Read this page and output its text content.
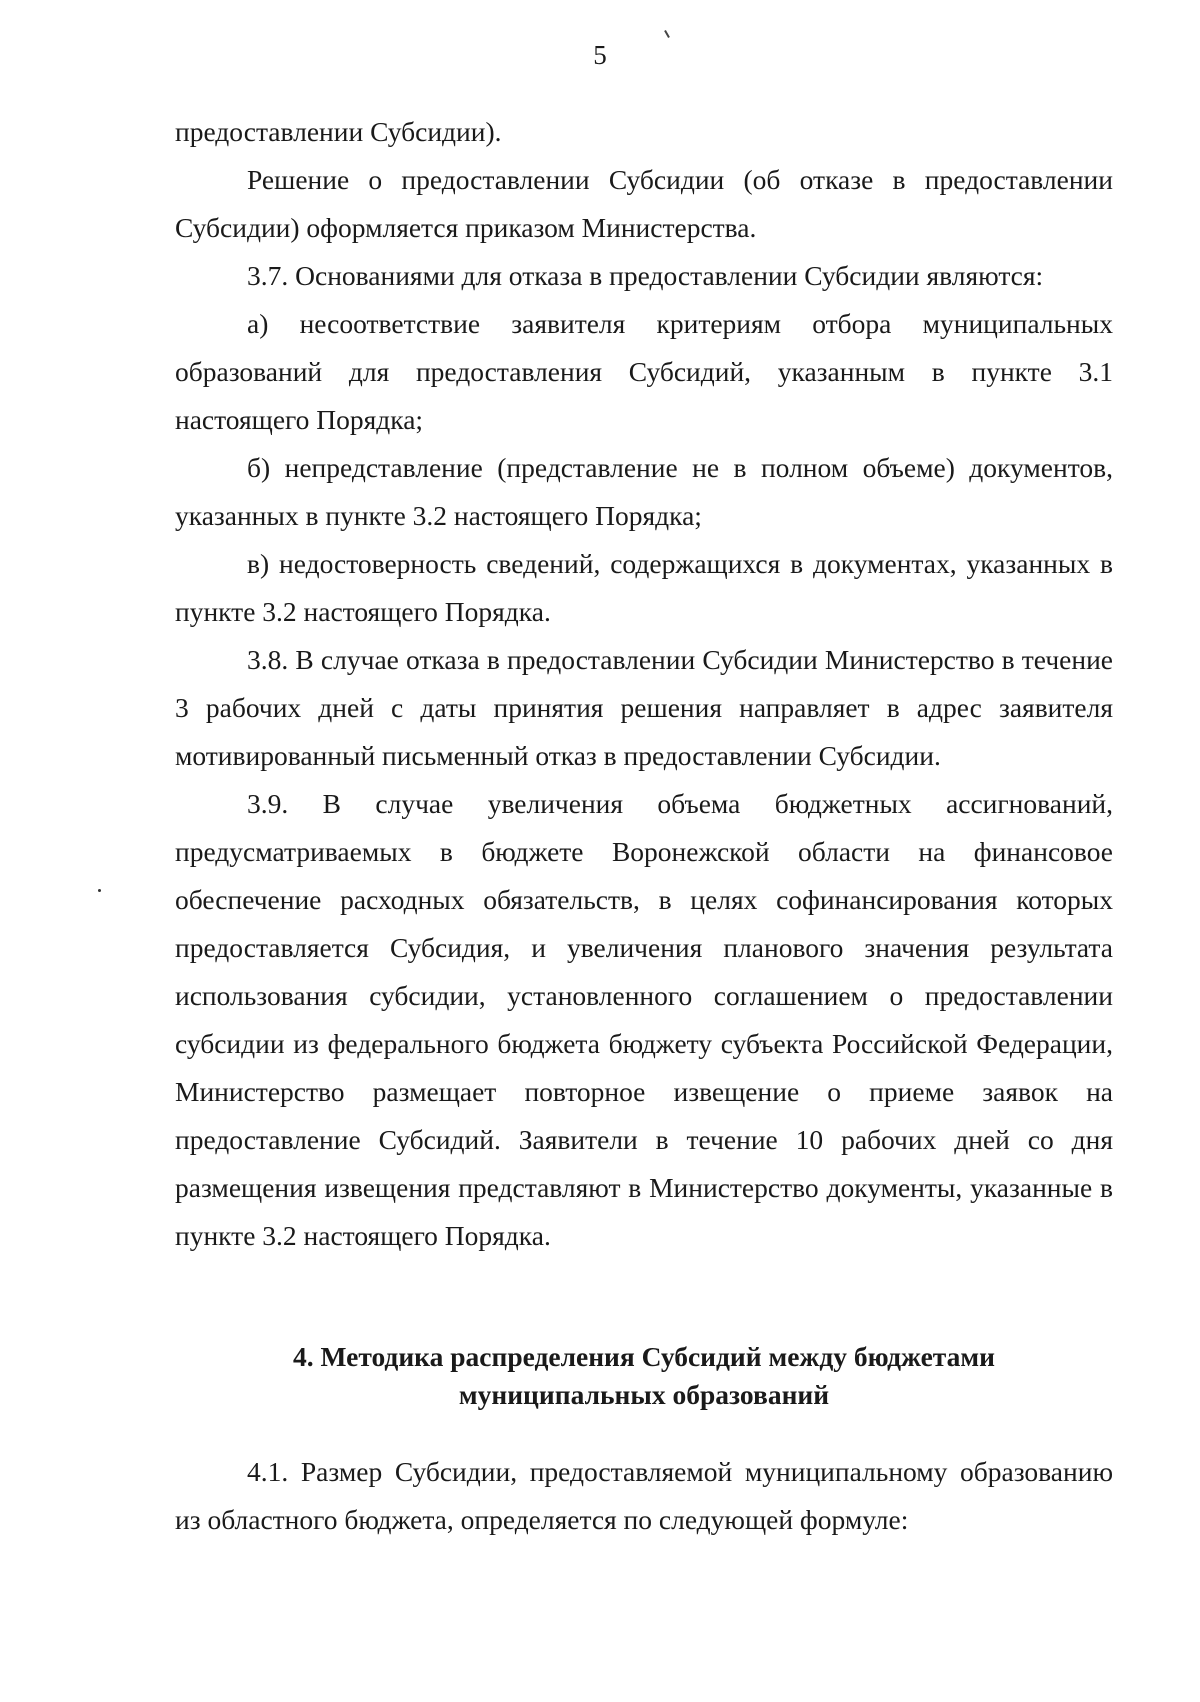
5

предоставлении Субсидии).

Решение о предоставлении Субсидии (об отказе в предоставлении Субсидии) оформляется приказом Министерства.

3.7. Основаниями для отказа в предоставлении Субсидии являются:

а) несоответствие заявителя критериям отбора муниципальных образований для предоставления Субсидий, указанным в пункте 3.1 настоящего Порядка;

б) непредставление (представление не в полном объеме) документов, указанных в пункте 3.2 настоящего Порядка;

в) недостоверность сведений, содержащихся в документах, указанных в пункте 3.2 настоящего Порядка.

3.8. В случае отказа в предоставлении Субсидии Министерство в течение 3 рабочих дней с даты принятия решения направляет в адрес заявителя мотивированный письменный отказ в предоставлении Субсидии.

3.9. В случае увеличения объема бюджетных ассигнований, предусматриваемых в бюджете Воронежской области на финансовое обеспечение расходных обязательств, в целях софинансирования которых предоставляется Субсидия, и увеличения планового значения результата использования субсидии, установленного соглашением о предоставлении субсидии из федерального бюджета бюджету субъекта Российской Федерации, Министерство размещает повторное извещение о приеме заявок на предоставление Субсидий. Заявители в течение 10 рабочих дней со дня размещения извещения представляют в Министерство документы, указанные в пункте 3.2 настоящего Порядка.

4. Методика распределения Субсидий между бюджетами
муниципальных образований

4.1. Размер Субсидии, предоставляемой муниципальному образованию из областного бюджета, определяется по следующей формуле:
